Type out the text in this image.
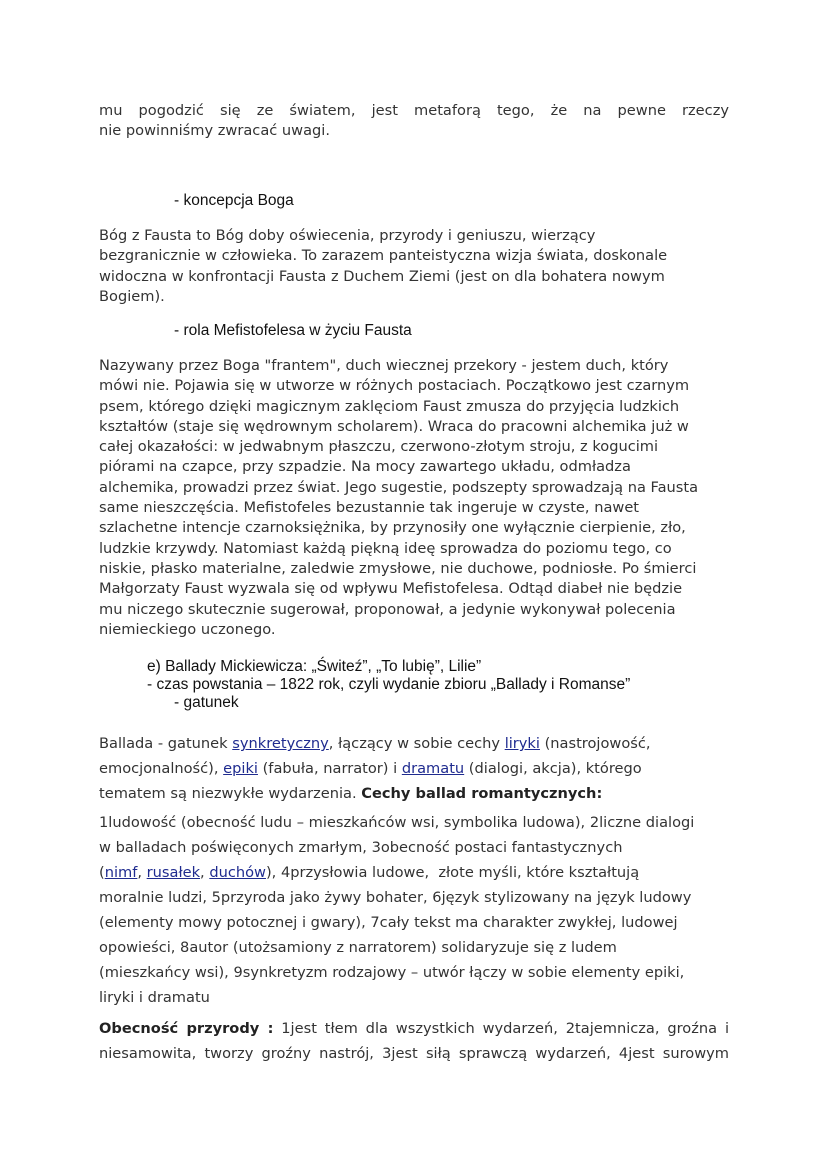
mu pogodzić się ze światem, jest metaforą tego, że na pewne rzeczy
nie powinniśmy zwracać uwagi.
- koncepcja Boga
Bóg z Fausta to Bóg doby oświecenia, przyrody i geniuszu, wierzący
bezgranicznie w człowieka. To zarazem panteistyczna wizja świata, doskonale
widoczna w konfrontacji Fausta z Duchem Ziemi (jest on dla bohatera nowym
Bogiem).
- rola Mefistofelesa w życiu Fausta
Nazywany przez Boga "frantem", duch wiecznej przekory - jestem duch, który
mówi nie. Pojawia się w utworze w różnych postaciach. Początkowo jest czarnym
psem, którego dzięki magicznym zaklęciom Faust zmusza do przyjęcia ludzkich
kształtów (staje się wędrownym scholarem). Wraca do pracowni alchemika już w
całej okazałości: w jedwabnym płaszczu, czerwono-złotym stroju, z kogucimi
piórami na czapce, przy szpadzie. Na mocy zawartego układu, odmładza
alchemika, prowadzi przez świat. Jego sugestie, podszepty sprowadzają na Fausta
same nieszczęścia. Mefistofeles bezustannie tak ingeruje w czyste, nawet
szlachetne intencje czarnoksiężnika, by przynosiły one wyłącznie cierpienie, zło,
ludzkie krzywdy. Natomiast każdą piękną ideę sprowadza do poziomu tego, co
niskie, płasko materialne, zaledwie zmysłowe, nie duchowe, podniosłe. Po śmierci
Małgorzaty Faust wyzwala się od wpływu Mefistofelesa. Odtąd diabeł nie będzie
mu niczego skutecznie sugerował, proponował, a jedynie wykonywał polecenia
niemieckiego uczonego.
e) Ballady Mickiewicza: „Świteź”, „To lubię”, Lilie”
- czas powstania – 1822 rok, czyli wydanie zbioru „Ballady i Romanse”
- gatunek
Ballada - gatunek synkretyczny, łączący w sobie cechy liryki (nastrojowość,
emocjonalność), epiki (fabuła, narrator) i dramatu (dialogi, akcja), którego
tematem są niezwykłe wydarzenia. Cechy ballad romantycznych:
1ludowość (obecność ludu – mieszkańców wsi, symbolika ludowa), 2liczne dialogi
w balladach poświęconych zmarłym, 3obecność postaci fantastycznych
(nimf, rusałek, duchów), 4przysłowia ludowe,  złote myśli, które kształtują
moralnie ludzi, 5przyroda jako żywy bohater, 6język stylizowany na język ludowy
(elementy mowy potocznej i gwary), 7cały tekst ma charakter zwykłej, ludowej
opowieści, 8autor (utożsamiony z narratorem) solidaryzuje się z ludem
(mieszkańcy wsi), 9synkretyzm rodzajowy – utwór łączy w sobie elementy epiki,
liryki i dramatu
Obecność przyrody : 1jest tłem dla wszystkich wydarzeń, 2tajemnicza, groźna i
niesamowita, tworzy groźny nastrój, 3jest siłą sprawczą wydarzeń, 4jest surowym
